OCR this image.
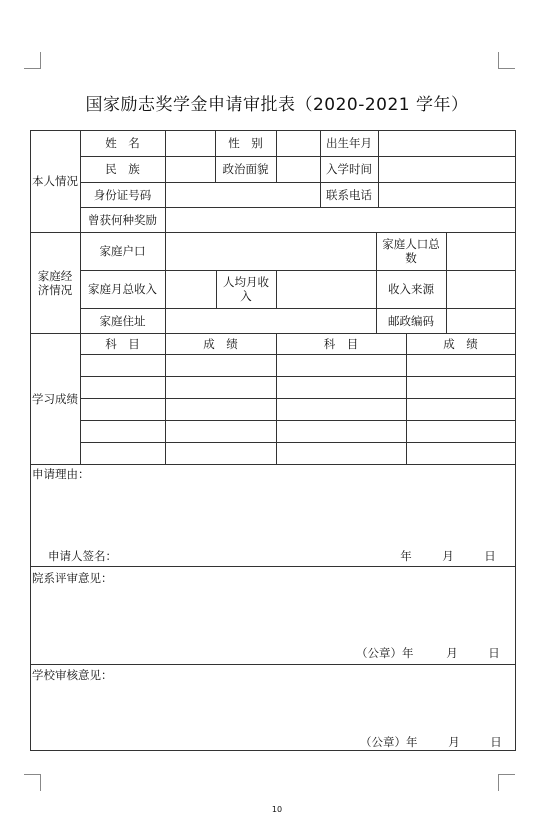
国家励志奖学金申请审批表（2020-2021 学年）
本人情况
姓　名	性　别	出生年月
民　族	政治面貌	入学时间
身份证号码	联系电话
曾获何种奖励
家庭经济情况
家庭户口	家庭人口总数
家庭月总收入	人均月收入	收入来源
家庭住址	邮政编码
学习成绩
科　目	成　绩	科　目	成　绩
申请理由：
申请人签名：	年	月	日
院系评审意见：
（公章）年	月	日
学校审核意见：
（公章）年	月	日
10
